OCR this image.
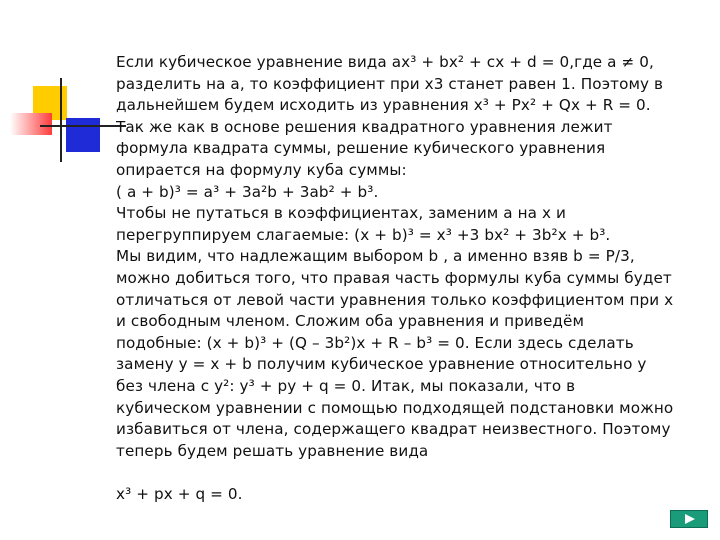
Если кубическое уравнение вида ax³ + bx² + cx + d = 0,где a ≠ 0,
разделить на a, то коэффициент при x3 станет равен 1. Поэтому в
дальнейшем будем исходить из уравнения x³ + Px² + Qx + R = 0.
Так же как в основе решения квадратного уравнения лежит
формула квадрата суммы, решение кубического уравнения
опирается на формулу куба суммы:
( a + b)³ = a³ + 3a²b + 3ab² + b³.
Чтобы не путаться в коэффициентах, заменим а на x и
перегруппируем слагаемые: (x + b)³ = x³ +3 bx² + 3b²x + b³.
Мы видим, что надлежащим выбором b , а именно взяв b = P/3,
можно добиться того, что правая часть формулы куба суммы будет
отличаться от левой части уравнения только коэффициентом при x
и свободным членом. Сложим оба уравнения и приведём
подобные: (x + b)³ + (Q – 3b²)x + R – b³ = 0. Если здесь сделать
замену y = x + b получим кубическое уравнение относительно y
без члена с y²: y³ + py + q = 0. Итак, мы показали, что в
кубическом уравнении с помощью подходящей подстановки можно
избавиться от члена, содержащего квадрат неизвестного. Поэтому
теперь будем решать уравнение вида
x³ + px + q = 0.
